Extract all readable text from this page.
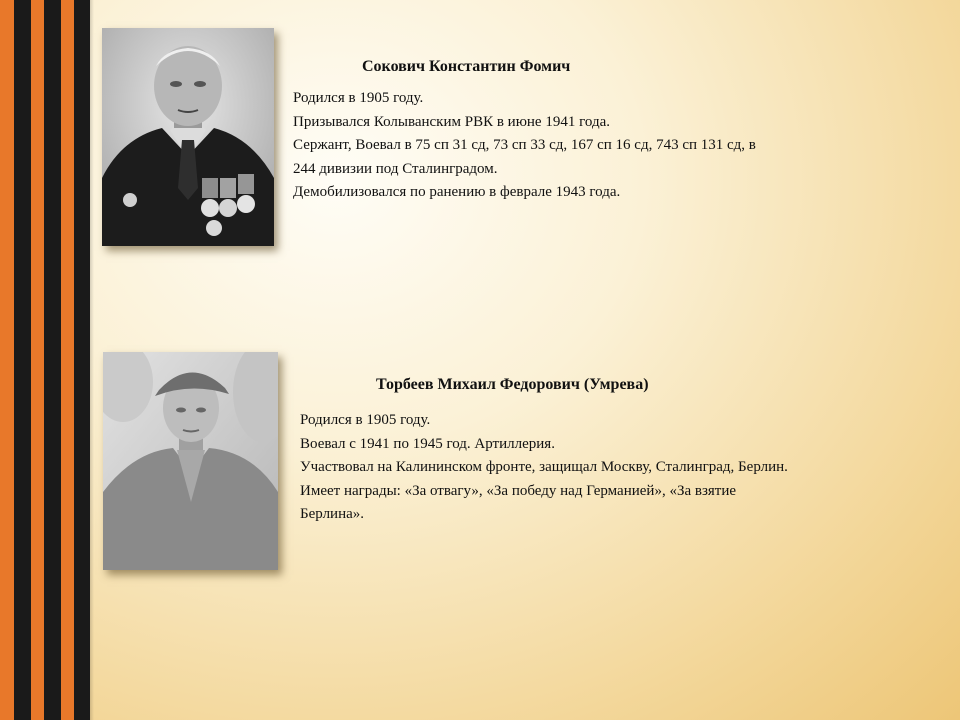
Сокович Константин Фомич
Родился в 1905 году.
Призывался Колыванским РВК в июне 1941 года.
Сержант, Воевал в 75 сп 31 сд, 73 сп 33 сд, 167 сп 16 сд, 743 сп 131 сд, в
244 дивизии под Сталинградом.
Демобилизовался по ранению в феврале 1943 года.
Торбеев Михаил Федорович (Умрева)
Родился в 1905 году.
Воевал с 1941 по 1945 год. Артиллерия.
Участвовал на Калининском фронте, защищал Москву, Сталинград, Берлин.
Имеет награды: «За отвагу», «За победу над Германией», «За взятие
Берлина».
